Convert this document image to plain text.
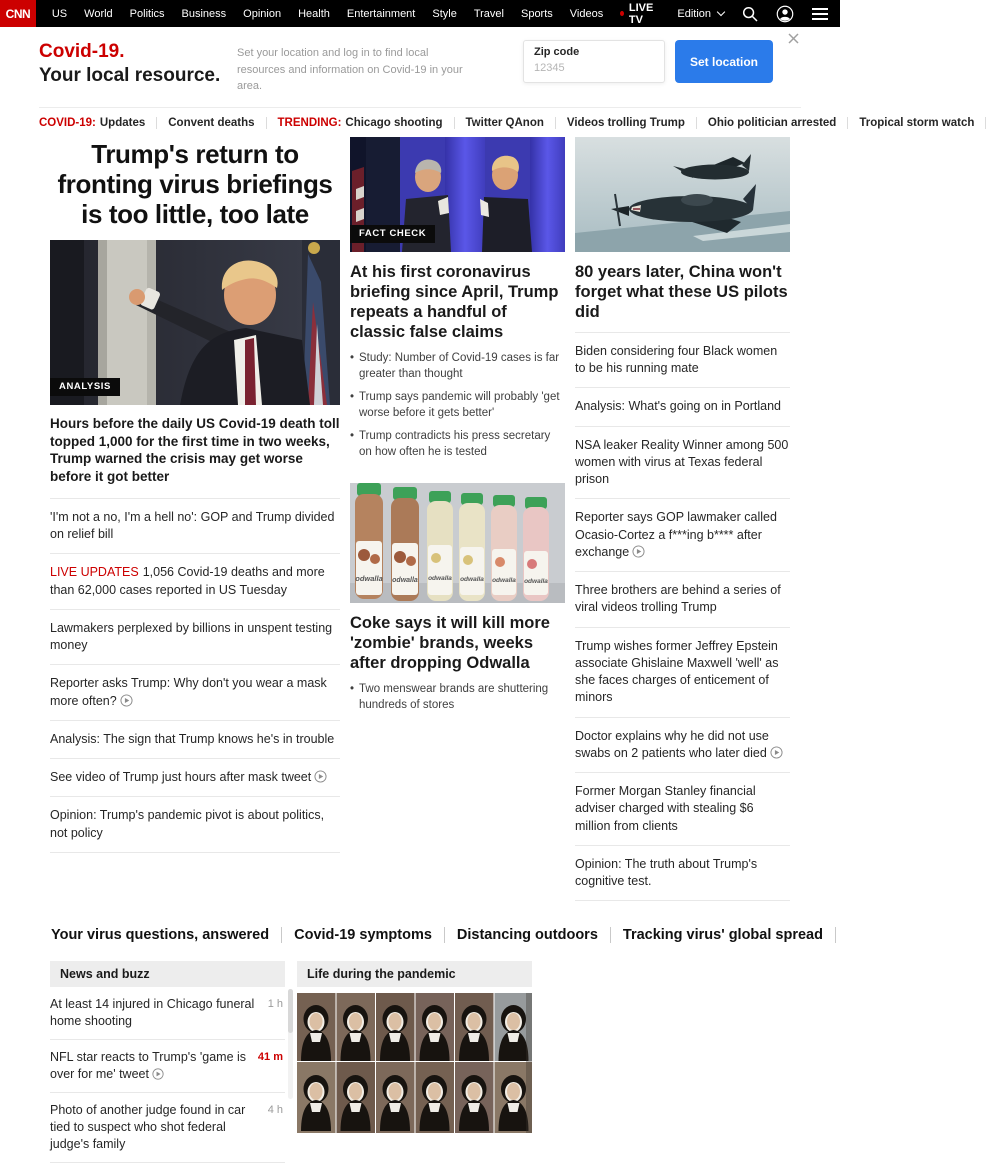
CNN	US World Politics Business Opinion Health Entertainment Style Travel Sports Videos LIVE TV	Edition
Covid-19.
Your local resource.
Set your location and log in to find local resources and information on Covid-19 in your area.
Zip code
12345
Set location
COVID-19: Updates	Convent deaths	TRENDING: Chicago shooting	Twitter QAnon	Videos trolling Trump	Ohio politician arrested	Tropical storm watch
Trump's return to fronting virus briefings is too little, too late
ANALYSIS
Hours before the daily US Covid-19 death toll topped 1,000 for the first time in two weeks, Trump warned the crisis may get worse before it got better
'I'm not a no, I'm a hell no': GOP and Trump divided on relief bill
LIVE UPDATES 1,056 Covid-19 deaths and more than 62,000 cases reported in US Tuesday
Lawmakers perplexed by billions in unspent testing money
Reporter asks Trump: Why don't you wear a mask more often?
Analysis: The sign that Trump knows he's in trouble
See video of Trump just hours after mask tweet
Opinion: Trump's pandemic pivot is about politics, not policy
FACT CHECK
At his first coronavirus briefing since April, Trump repeats a handful of classic false claims
• Study: Number of Covid-19 cases is far greater than thought
• Trump says pandemic will probably 'get worse before it gets better'
• Trump contradicts his press secretary on how often he is tested
odwalla odwalla odwalla odwalla odwalla odwalla
Coke says it will kill more 'zombie' brands, weeks after dropping Odwalla
• Two menswear brands are shuttering hundreds of stores
80 years later, China won't forget what these US pilots did
Biden considering four Black women to be his running mate
Analysis: What's going on in Portland
NSA leaker Reality Winner among 500 women with virus at Texas federal prison
Reporter says GOP lawmaker called Ocasio-Cortez a f***ing b**** after exchange
Three brothers are behind a series of viral videos trolling Trump
Trump wishes former Jeffrey Epstein associate Ghislaine Maxwell 'well' as she faces charges of enticement of minors
Doctor explains why he did not use swabs on 2 patients who later died
Former Morgan Stanley financial adviser charged with stealing $6 million from clients
Opinion: The truth about Trump's cognitive test.
Your virus questions, answered Covid-19 symptoms Distancing outdoors Tracking virus' global spread
News and buzz
At least 14 injured in Chicago funeral home shooting
1 h
NFL star reacts to Trump's 'game is over for me' tweet
41 m
Photo of another judge found in car tied to suspect who shot federal judge's family
4 h
Life during the pandemic
